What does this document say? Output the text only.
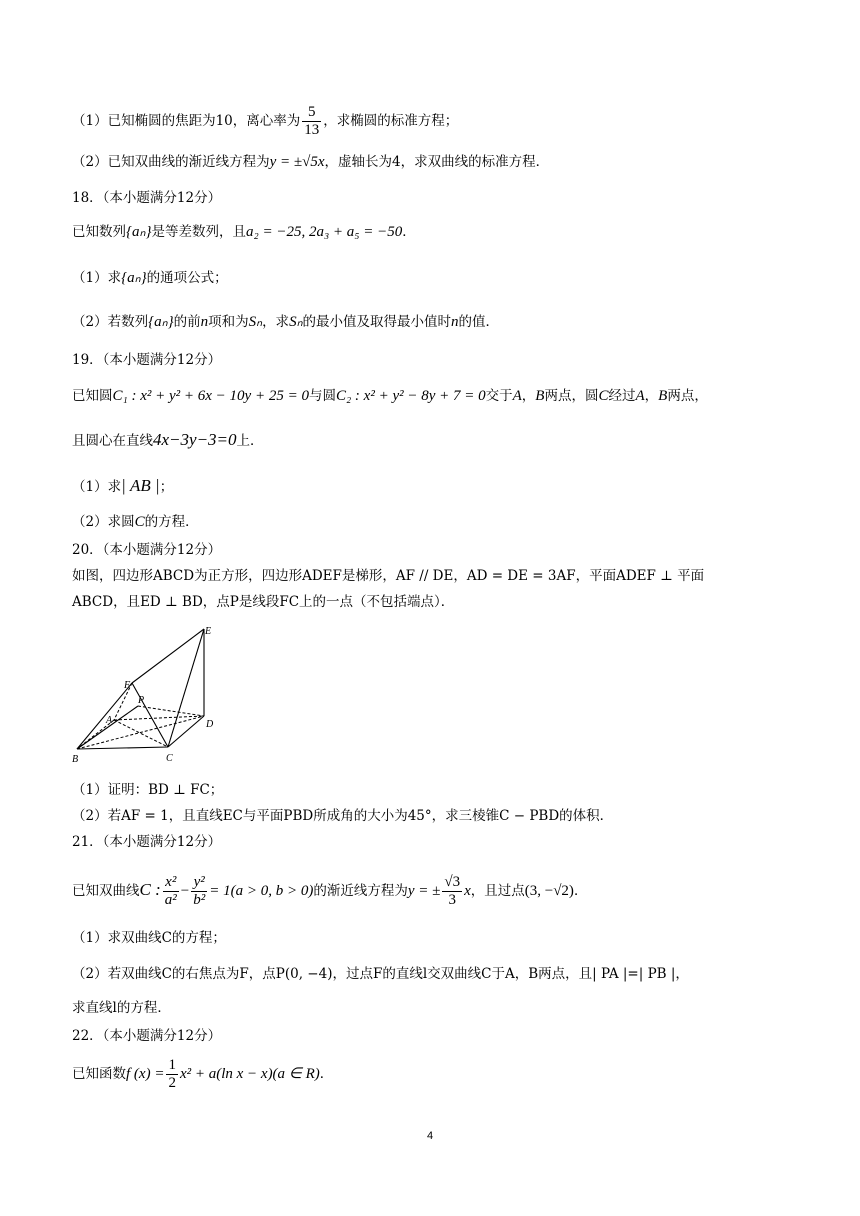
（1）已知椭圆的焦距为10，离心率为 $\frac{5}{13}$ ，求椭圆的标准方程；
（2）已知双曲线的渐近线方程为y = ±√5x，虚轴长为4，求双曲线的标准方程．
18．（本小题满分12分）
已知数列{aₙ}是等差数列，且a₂ = −25, 2a₃ + a₅ = −50．
（1）求{aₙ}的通项公式；
（2）若数列{aₙ}的前n项和为Sₙ，求Sₙ的最小值及取得最小值时n的值．
19．（本小题满分12分）
已知圆C₁ : x² + y² + 6x − 10y + 25 = 0与圆C₂ : x² + y² − 8y + 7 = 0交于A，B两点，圆C经过A，B两点，
且圆心在直线4x−3y−3=0上．
（1）求| AB |；
（2）求圆C的方程．
20．（本小题满分12分）
如图，四边形ABCD为正方形，四边形ADEF是梯形，AF // DE，AD = DE = 3AF，平面ADEF ⊥ 平面
ABCD，且ED ⊥ BD，点P是线段FC上的一点（不包括端点）．
E
F
P
A	D
B	C
（1）证明：BD ⊥ FC；
（2）若AF = 1，且直线EC与平面PBD所成角的大小为45°，求三棱锥C − PBD的体积．
21．（本小题满分12分）
已知双曲线C : $\frac{\text{x²}}{\text{a²}} - \frac{\text{y²}}{\text{b²}} = 1(a > 0$, b > 0)的渐近线方程为y = ± $\frac{√3}{3}$ x，且过点(3, −√2)．
（1）求双曲线C的方程；
（2）若双曲线C的右焦点为F，点P(0, −4)，过点F的直线l交双曲线C于A，B两点，且| PA |=| PB |，
求直线l的方程．
22．（本小题满分12分）
已知函数f $(x) = \frac{1}{2} x^2 + a(\ln$ x − x)(a ∈ R)．
4
